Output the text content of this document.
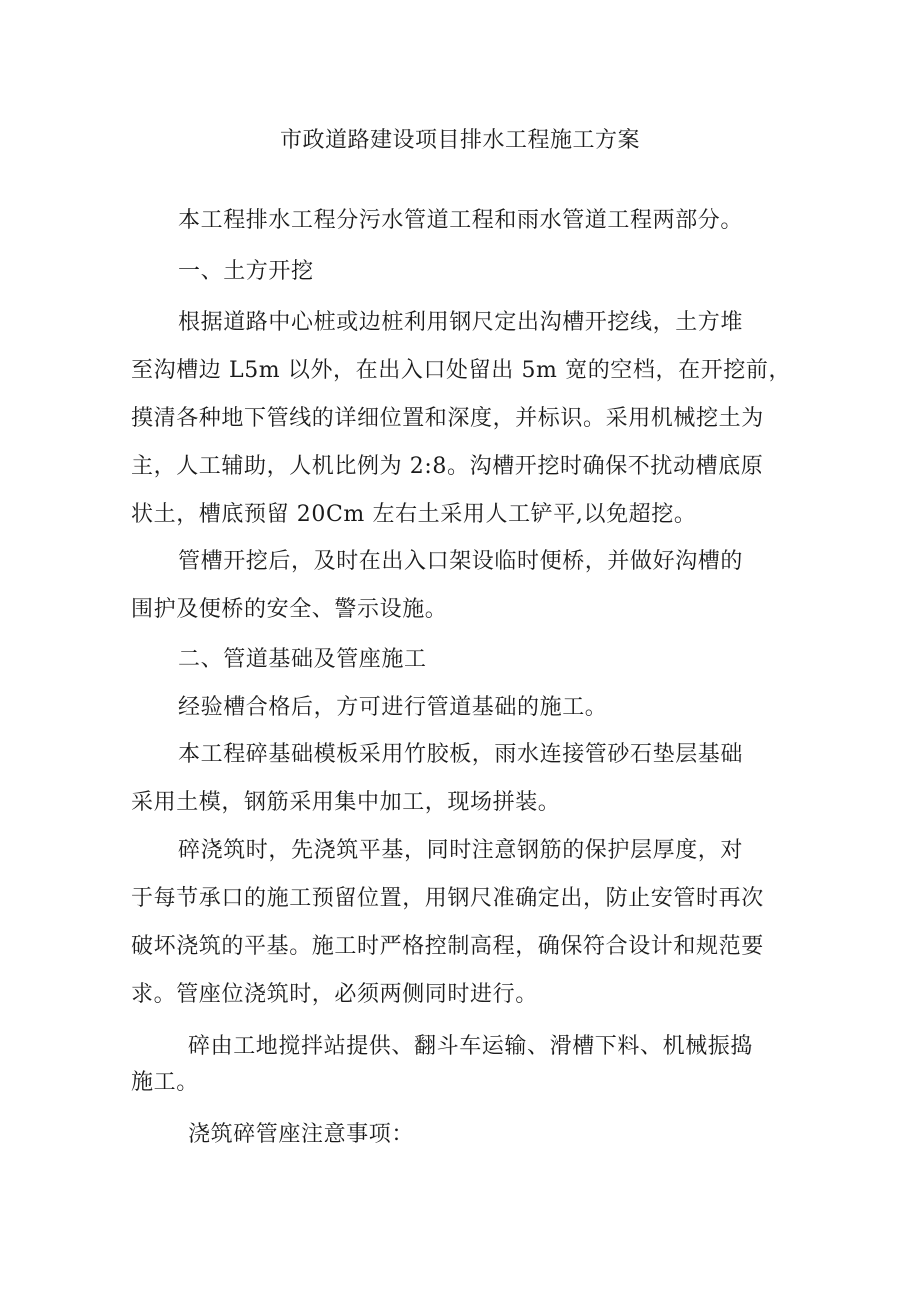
市政道路建设项目排水工程施工方案
本工程排水工程分污水管道工程和雨水管道工程两部分。
一、土方开挖
根据道路中心桩或边桩利用钢尺定出沟槽开挖线，土方堆
至沟槽边 L5m 以外，在出入口处留出 5m 宽的空档，在开挖前，
摸清各种地下管线的详细位置和深度，并标识。采用机械挖土为
主，人工辅助，人机比例为 2:8。沟槽开挖时确保不扰动槽底原
状土，槽底预留 20Cm 左右土采用人工铲平,以免超挖。
管槽开挖后，及时在出入口架设临时便桥，并做好沟槽的
围护及便桥的安全、警示设施。
二、管道基础及管座施工
经验槽合格后，方可进行管道基础的施工。
本工程碎基础模板采用竹胶板，雨水连接管砂石垫层基础
采用土模，钢筋采用集中加工，现场拼装。
碎浇筑时，先浇筑平基，同时注意钢筋的保护层厚度，对
于每节承口的施工预留位置，用钢尺准确定出，防止安管时再次
破坏浇筑的平基。施工时严格控制高程，确保符合设计和规范要
求。管座位浇筑时，必须两侧同时进行。
碎由工地搅拌站提供、翻斗车运输、滑槽下料、机械振捣
施工。
浇筑碎管座注意事项：
